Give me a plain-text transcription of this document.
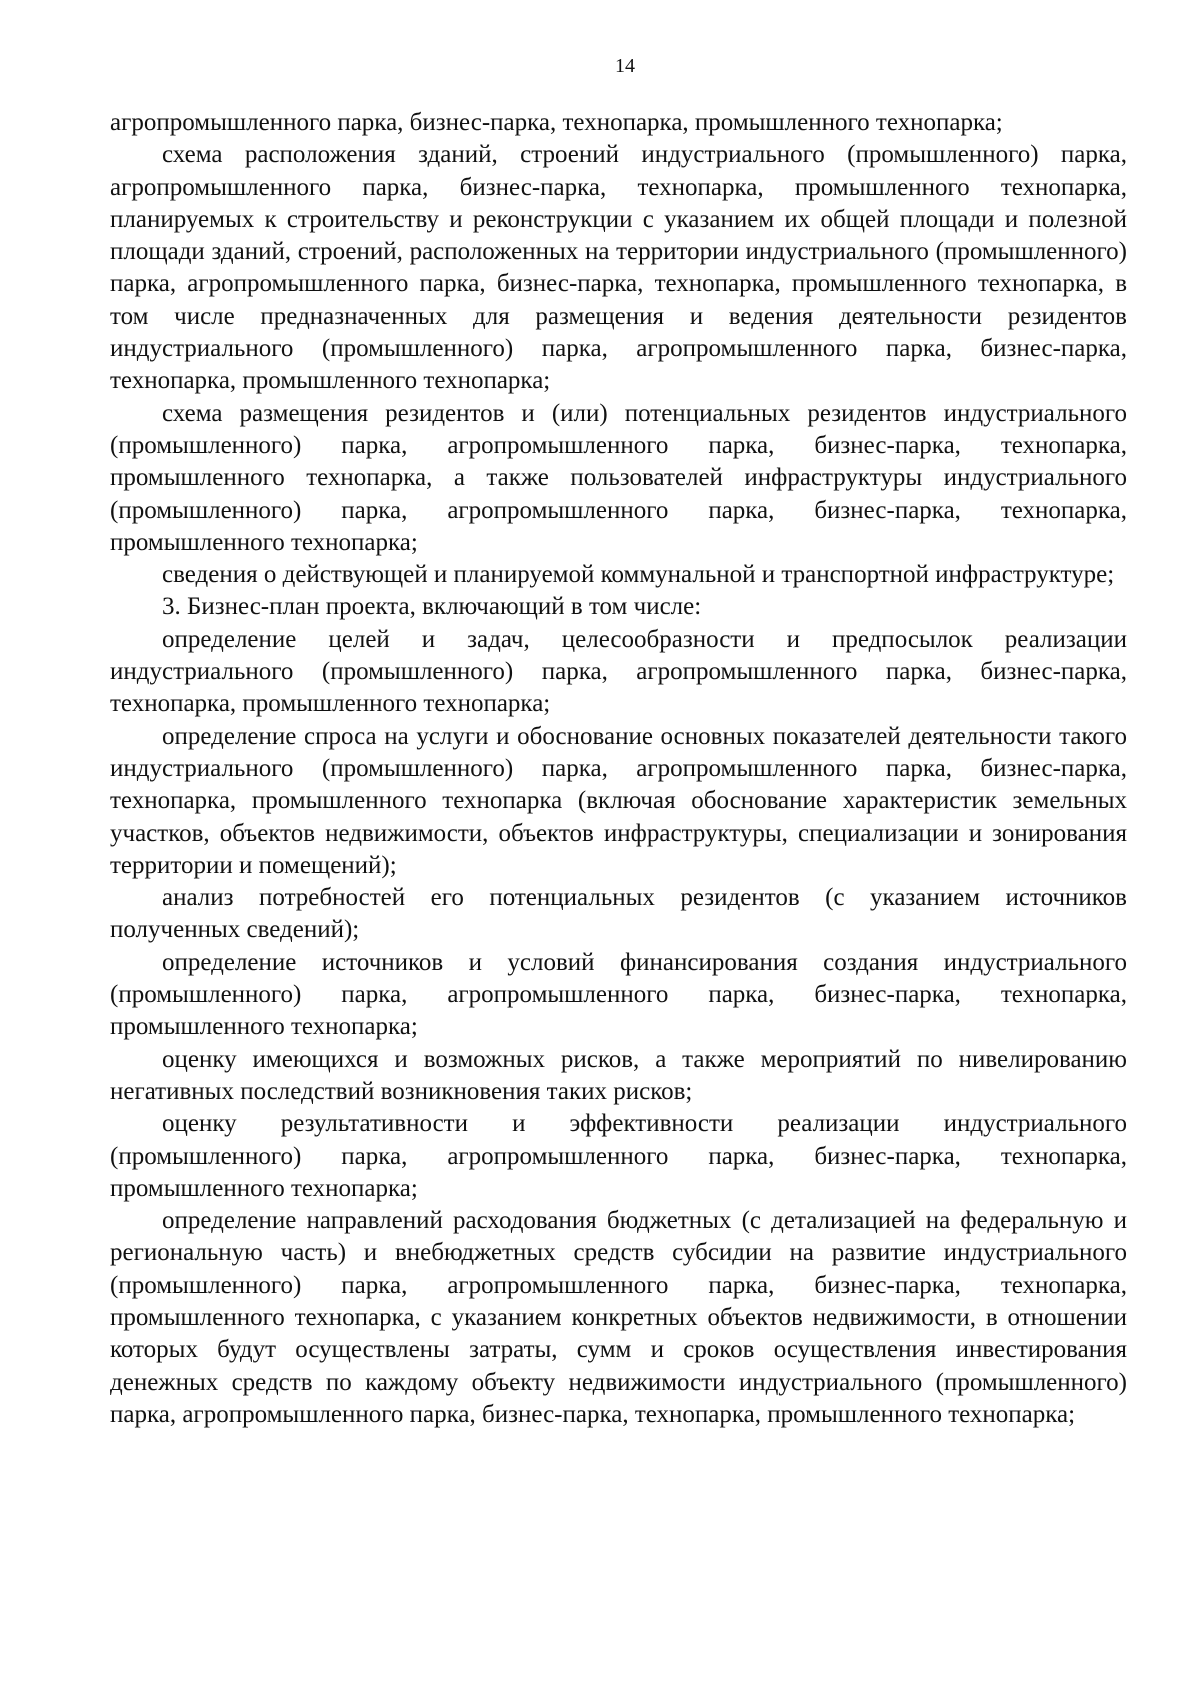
14

агропромышленного парка, бизнес-парка, технопарка, промышленного технопарка;

схема расположения зданий, строений индустриального (промышленного) парка, агропромышленного парка, бизнес-парка, технопарка, промышленного технопарка, планируемых к строительству и реконструкции с указанием их общей площади и полезной площади зданий, строений, расположенных на территории индустриального (промышленного) парка, агропромышленного парка, бизнес-парка, технопарка, промышленного технопарка, в том числе предназначенных для размещения и ведения деятельности резидентов индустриального (промышленного) парка, агропромышленного парка, бизнес-парка, технопарка, промышленного технопарка;

схема размещения резидентов и (или) потенциальных резидентов индустриального (промышленного) парка, агропромышленного парка, бизнес-парка, технопарка, промышленного технопарка, а также пользователей инфраструктуры индустриального (промышленного) парка, агропромышленного парка, бизнес-парка, технопарка, промышленного технопарка;

сведения о действующей и планируемой коммунальной и транспортной инфраструктуре;

3. Бизнес-план проекта, включающий в том числе:

определение целей и задач, целесообразности и предпосылок реализации индустриального (промышленного) парка, агропромышленного парка, бизнес-парка, технопарка, промышленного технопарка;

определение спроса на услуги и обоснование основных показателей деятельности такого индустриального (промышленного) парка, агропромышленного парка, бизнес-парка, технопарка, промышленного технопарка (включая обоснование характеристик земельных участков, объектов недвижимости, объектов инфраструктуры, специализации и зонирования территории и помещений);

анализ потребностей его потенциальных резидентов (с указанием источников полученных сведений);

определение источников и условий финансирования создания индустриального (промышленного) парка, агропромышленного парка, бизнес-парка, технопарка, промышленного технопарка;

оценку имеющихся и возможных рисков, а также мероприятий по нивелированию негативных последствий возникновения таких рисков;

оценку результативности и эффективности реализации индустриального (промышленного) парка, агропромышленного парка, бизнес-парка, технопарка, промышленного технопарка;

определение направлений расходования бюджетных (с детализацией на федеральную и региональную часть) и внебюджетных средств субсидии на развитие индустриального (промышленного) парка, агропромышленного парка, бизнес-парка, технопарка, промышленного технопарка, с указанием конкретных объектов недвижимости, в отношении которых будут осуществлены затраты, сумм и сроков осуществления инвестирования денежных средств по каждому объекту недвижимости индустриального (промышленного) парка, агропромышленного парка, бизнес-парка, технопарка, промышленного технопарка;
